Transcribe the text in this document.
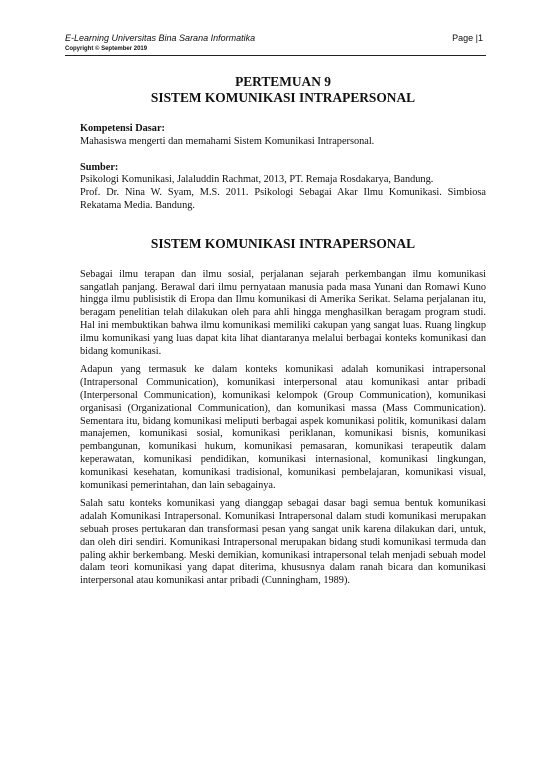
E-Learning Universitas Bina Sarana Informatika	Page |1
Copyright © September 2019

PERTEMUAN 9

SISTEM KOMUNIKASI INTRAPERSONAL

Kompetensi Dasar:

Mahasiswa mengerti dan memahami Sistem Komunikasi Intrapersonal.

Sumber:

Psikologi Komunikasi, Jalaluddin Rachmat, 2013, PT. Remaja Rosdakarya, Bandung.

Prof. Dr. Nina W. Syam, M.S. 2011. Psikologi Sebagai Akar Ilmu Komunikasi. Simbiosa Rekatama Media. Bandung.

SISTEM KOMUNIKASI INTRAPERSONAL

Sebagai ilmu terapan dan ilmu sosial, perjalanan sejarah perkembangan ilmu komunikasi sangatlah panjang. Berawal dari ilmu pernyataan manusia pada masa Yunani dan Romawi Kuno hingga ilmu publisistik di Eropa dan Ilmu komunikasi di Amerika Serikat. Selama perjalanan itu, beragam penelitian telah dilakukan oleh para ahli hingga menghasilkan beragam program studi. Hal ini membuktikan bahwa ilmu komunikasi memiliki cakupan yang sangat luas. Ruang lingkup ilmu komunikasi yang luas dapat kita lihat diantaranya melalui berbagai konteks komunikasi dan bidang komunikasi.

Adapun yang termasuk ke dalam konteks komunikasi adalah komunikasi intrapersonal (Intrapersonal Communication), komunikasi interpersonal atau komunikasi antar pribadi (Interpersonal Communication), komunikasi kelompok (Group Communication), komunikasi organisasi (Organizational Communication), dan komunikasi massa (Mass Communication). Sementara itu, bidang komunikasi meliputi berbagai aspek komunikasi politik, komunikasi dalam manajemen, komunikasi sosial, komunikasi periklanan, komunikasi bisnis, komunikasi pembangunan, komunikasi hukum, komunikasi pemasaran, komunikasi terapeutik dalam keperawatan, komunikasi pendidikan, komunikasi internasional, komunikasi lingkungan, komunikasi kesehatan, komunikasi tradisional, komunikasi pembelajaran, komunikasi visual, komunikasi pemerintahan, dan lain sebagainya.

Salah satu konteks komunikasi yang dianggap sebagai dasar bagi semua bentuk komunikasi adalah Komunikasi Intrapersonal. Komunikasi Intrapersonal dalam studi komunikasi merupakan sebuah proses pertukaran dan transformasi pesan yang sangat unik karena dilakukan dari, untuk, dan oleh diri sendiri. Komunikasi Intrapersonal merupakan bidang studi komunikasi termuda dan paling akhir berkembang. Meski demikian, komunikasi intrapersonal telah menjadi sebuah model dalam teori komunikasi yang dapat diterima, khususnya dalam ranah bicara dan komunikasi interpersonal atau komunikasi antar pribadi (Cunningham, 1989).
